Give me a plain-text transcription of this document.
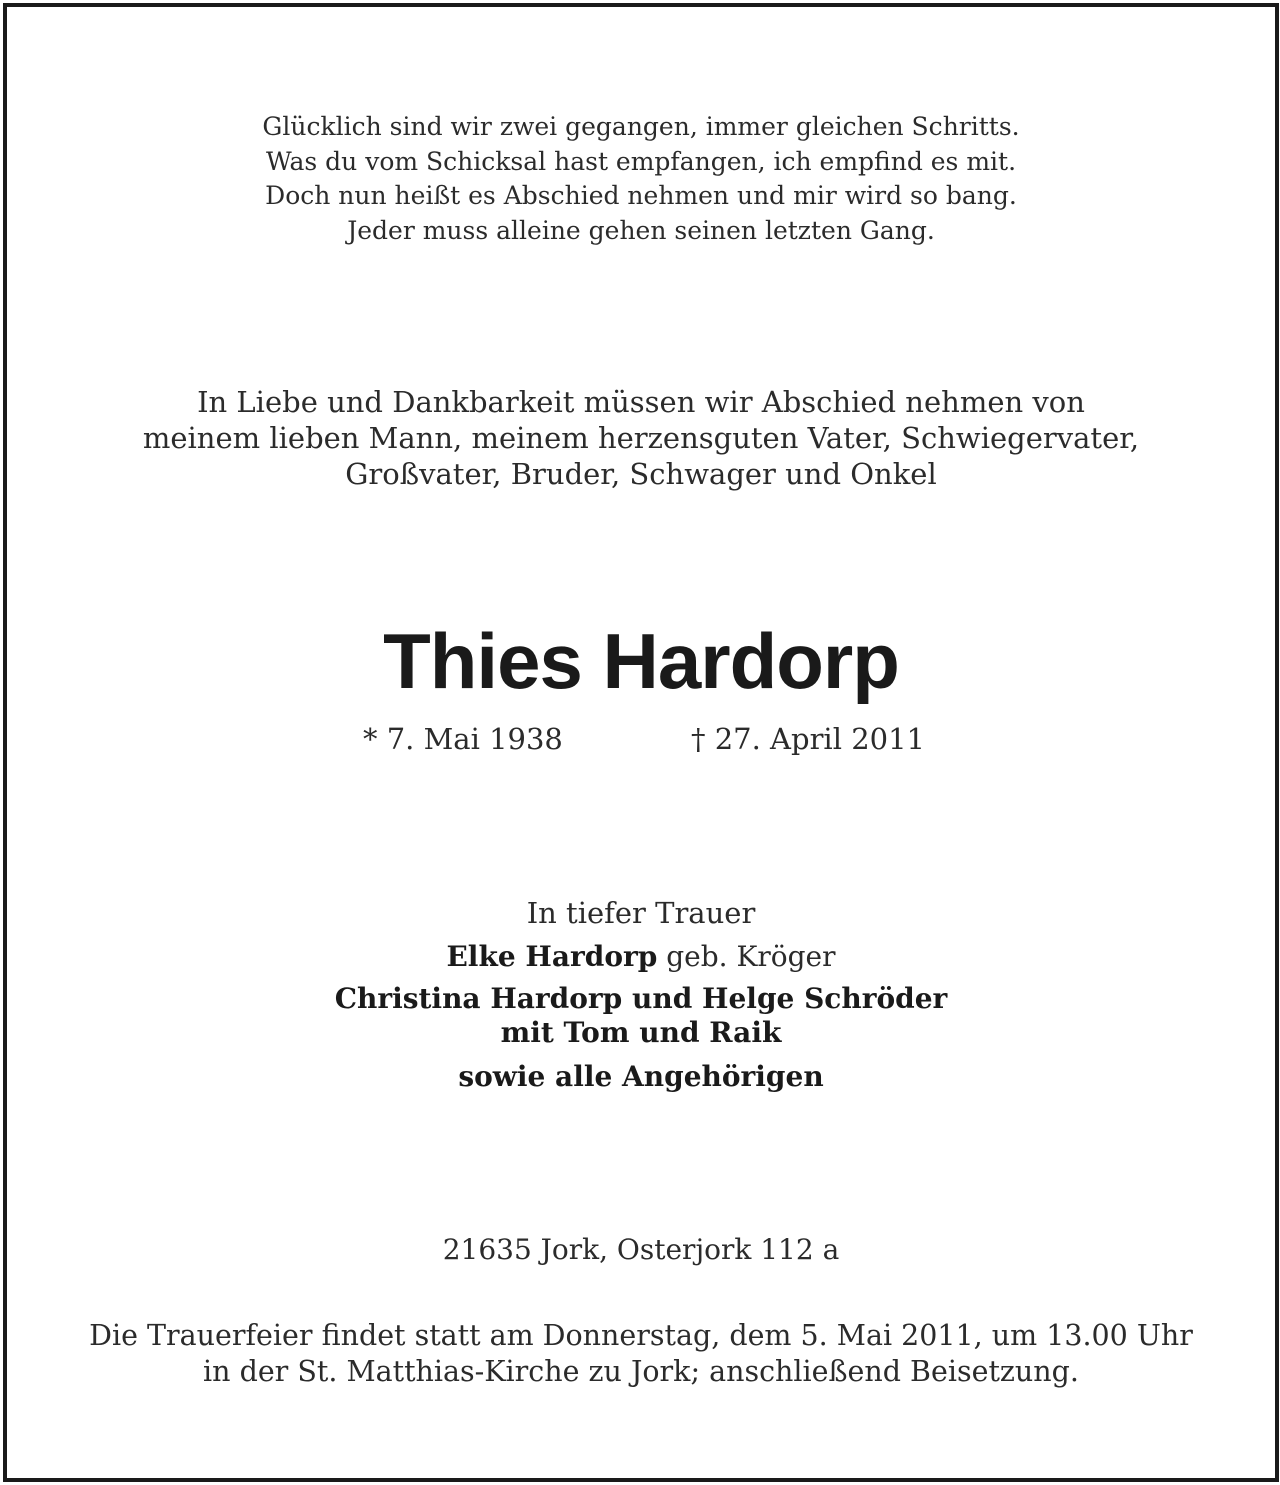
Glücklich sind wir zwei gegangen, immer gleichen Schritts.
Was du vom Schicksal hast empfangen, ich empfind es mit.
Doch nun heißt es Abschied nehmen und mir wird so bang.
Jeder muss alleine gehen seinen letzten Gang.
In Liebe und Dankbarkeit müssen wir Abschied nehmen von
meinem lieben Mann, meinem herzensguten Vater, Schwiegervater,
Großvater, Bruder, Schwager und Onkel
Thies Hardorp
* 7. Mai 1938	† 27. April 2011
In tiefer Trauer
Elke Hardorp geb. Kröger
Christina Hardorp und Helge Schröder
mit Tom und Raik
sowie alle Angehörigen
21635 Jork, Osterjork 112 a
Die Trauerfeier findet statt am Donnerstag, dem 5. Mai 2011, um 13.00 Uhr
in der St. Matthias-Kirche zu Jork; anschließend Beisetzung.
